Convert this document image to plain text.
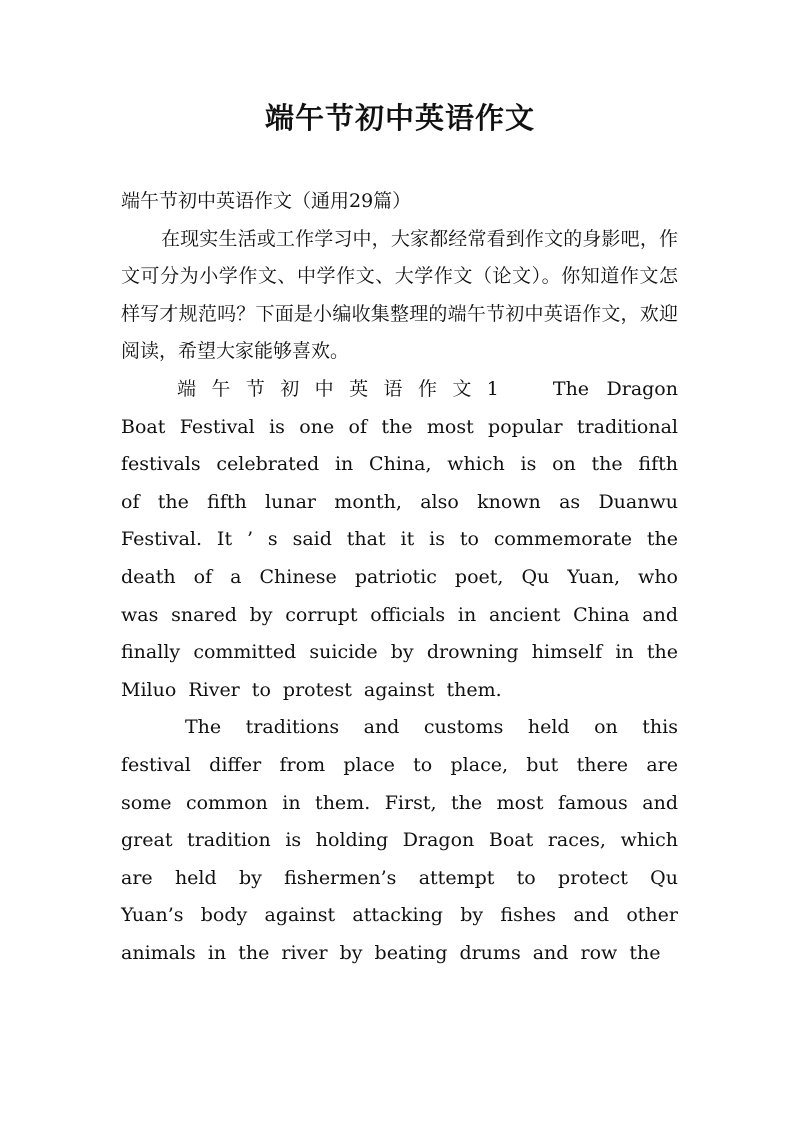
端午节初中英语作文

端午节初中英语作文（通用29篇）

在现实生活或工作学习中，大家都经常看到作文的身影吧，作文可分为小学作文、中学作文、大学作文（论文）。你知道作文怎样写才规范吗？下面是小编收集整理的端午节初中英语作文，欢迎阅读，希望大家能够喜欢。

端午节初中英语作文1	The Dragon Boat Festival is one of the most popular traditional festivals celebrated in China, which is on the fifth of the fifth lunar month, also known as Duanwu Festival. It ’ s said that it is to commemorate the death of a Chinese patriotic poet, Qu Yuan, who was snared by corrupt officials in ancient China and finally committed suicide by drowning himself in the Miluo River to protest against them.

The traditions and customs held on this festival differ from place to place, but there are some common in them. First, the most famous and great tradition is holding Dragon Boat races, which are held by fishermen’s attempt to protect Qu Yuan’s body against attacking by fishes and other animals in the river by beating drums and row the
